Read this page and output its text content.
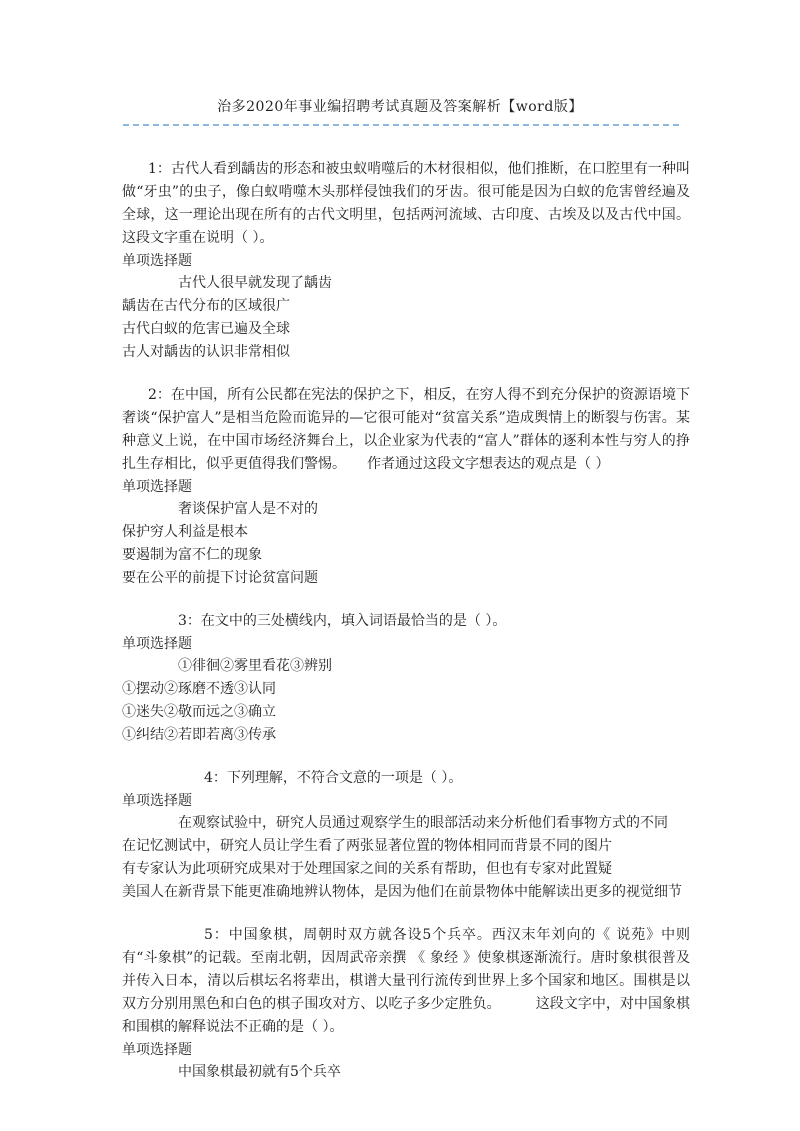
治多2020年事业编招聘考试真题及答案解析【word版】

1：古代人看到龋齿的形态和被虫蚁啃噬后的木材很相似，他们推断，在口腔里有一种叫做“牙虫”的虫子，像白蚁啃噬木头那样侵蚀我们的牙齿。很可能是因为白蚁的危害曾经遍及全球，这一理论出现在所有的古代文明里，包括两河流域、古印度、古埃及以及古代中国。这段文字重在说明（ ）。

单项选择题

古代人很早就发现了龋齿

龋齿在古代分布的区域很广

古代白蚁的危害已遍及全球

古人对龋齿的认识非常相似

2：在中国，所有公民都在宪法的保护之下，相反，在穷人得不到充分保护的资源语境下奢谈“保护富人”是相当危险而诡异的—它很可能对“贫富关系”造成舆情上的断裂与伤害。某种意义上说，在中国市场经济舞台上，以企业家为代表的“富人”群体的逐利本性与穷人的挣扎生存相比，似乎更值得我们警惕。　　作者通过这段文字想表达的观点是（ ）

单项选择题

奢谈保护富人是不对的

保护穷人利益是根本

要遏制为富不仁的现象

要在公平的前提下讨论贫富问题

3：在文中的三处横线内，填入词语最恰当的是（ ）。

单项选择题

①徘徊②雾里看花③辨别

①摆动②琢磨不透③认同

①迷失②敬而远之③确立

①纠结②若即若离③传承

4：下列理解，不符合文意的一项是（ ）。

单项选择题

在观察试验中，研究人员通过观察学生的眼部活动来分析他们看事物方式的不同

在记忆测试中，研究人员让学生看了两张显著位置的物体相同而背景不同的图片

有专家认为此项研究成果对于处理国家之间的关系有帮助，但也有专家对此置疑

美国人在新背景下能更准确地辨认物体，是因为他们在前景物体中能解读出更多的视觉细节

5：中国象棋，周朝时双方就各设5个兵卒。西汉末年刘向的《 说苑》中则有“斗象棋”的记载。至南北朝，因周武帝亲撰 《 象经 》使象棋逐渐流行。唐时象棋很普及并传入日本，清以后棋坛名将辈出，棋谱大量刊行流传到世界上多个国家和地区。围棋是以双方分别用黑色和白色的棋子围攻对方、以吃子多少定胜负。　　　这段文字中，对中国象棋和围棋的解释说法不正确的是（ ）。

单项选择题

中国象棋最初就有5个兵卒
